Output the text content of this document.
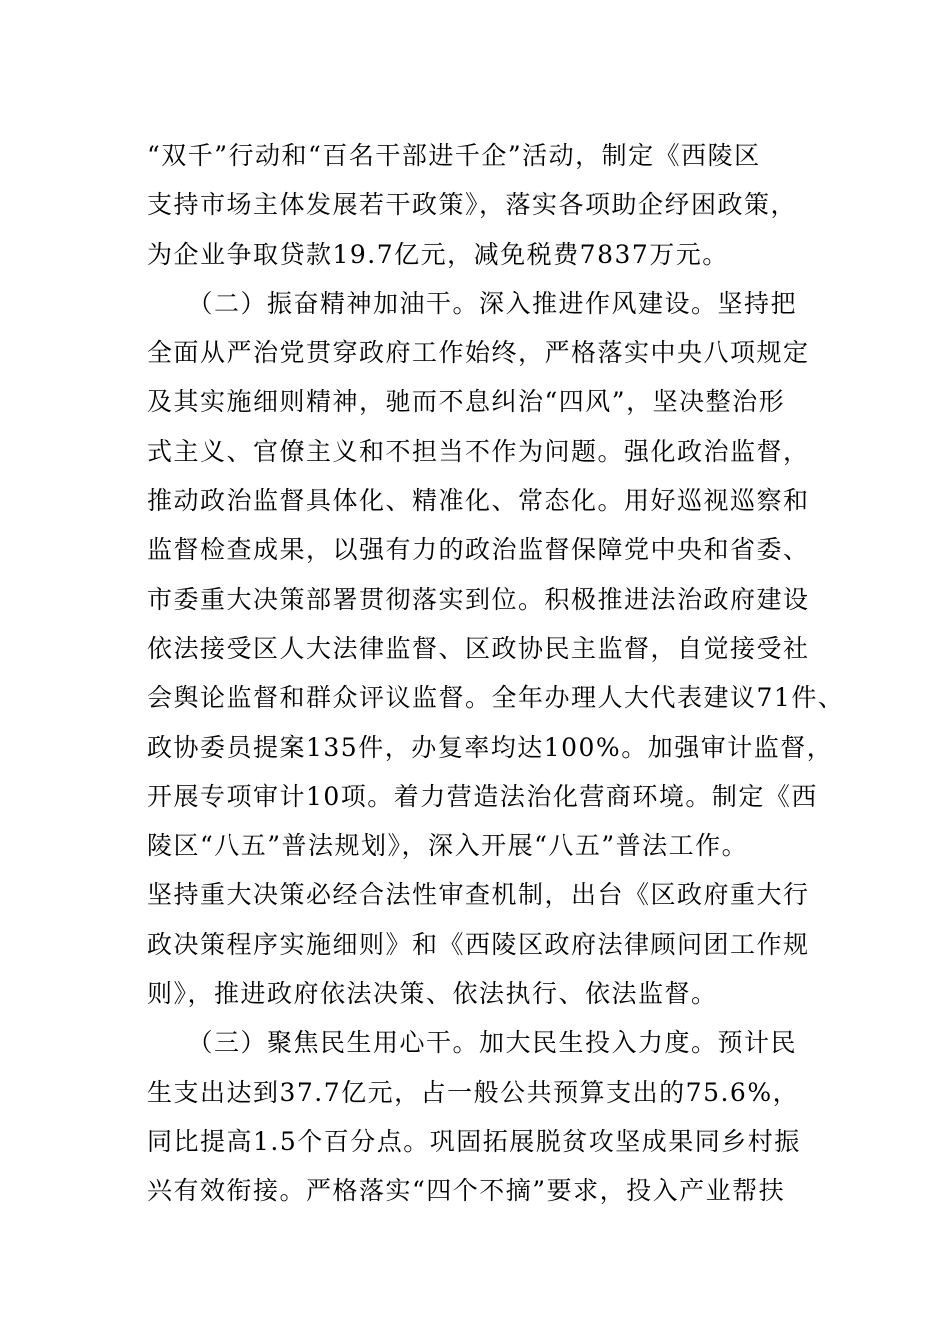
“双千”行动和“百名干部进千企”活动，制定《西陵区
支持市场主体发展若干政策》，落实各项助企纾困政策，
为企业争取贷款19.7亿元，减免税费7837万元。
　　（二）振奋精神加油干。深入推进作风建设。坚持把
全面从严治党贯穿政府工作始终，严格落实中央八项规定
及其实施细则精神，驰而不息纠治“四风”，坚决整治形
式主义、官僚主义和不担当不作为问题。强化政治监督，
推动政治监督具体化、精准化、常态化。用好巡视巡察和
监督检查成果，以强有力的政治监督保障党中央和省委、
市委重大决策部署贯彻落实到位。积极推进法治政府建设
依法接受区人大法律监督、区政协民主监督，自觉接受社
会舆论监督和群众评议监督。全年办理人大代表建议71件、
政协委员提案135件，办复率均达100%。加强审计监督，
开展专项审计10项。着力营造法治化营商环境。制定《西
陵区“八五”普法规划》，深入开展“八五”普法工作。
坚持重大决策必经合法性审查机制，出台《区政府重大行
政决策程序实施细则》和《西陵区政府法律顾问团工作规
则》，推进政府依法决策、依法执行、依法监督。
　　（三）聚焦民生用心干。加大民生投入力度。预计民
生支出达到37.7亿元，占一般公共预算支出的75.6%，
同比提高1.5个百分点。巩固拓展脱贫攻坚成果同乡村振
兴有效衔接。严格落实“四个不摘”要求，投入产业帮扶
